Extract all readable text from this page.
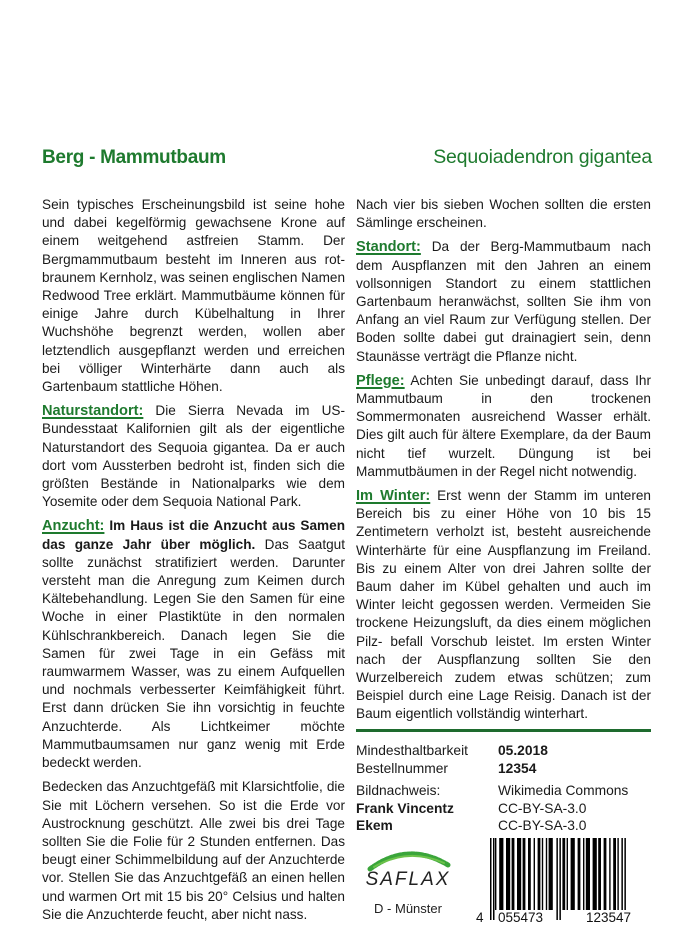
Berg - Mammutbaum	Sequoiadendron gigantea

Sein typisches Erscheinungsbild ist seine hohe und dabei kegelförmig gewachsene Krone auf einem weitgehend astfreien Stamm. Der Bergmammutbaum besteht im Inneren aus rot-braunem Kernholz, was seinen englischen Namen Redwood Tree erklärt. Mammutbäume können für einige Jahre durch Kübelhaltung in Ihrer Wuchshöhe begrenzt werden, wollen aber letztendlich ausgepflanzt werden und erreichen bei völliger Winterhärte dann auch als Gartenbaum stattliche Höhen.

Naturstandort: Die Sierra Nevada im US-Bundesstaat Kalifornien gilt als der eigentliche Naturstandort des Sequoia gigantea. Da er auch dort vom Aussterben bedroht ist, finden sich die größten Bestände in Nationalparks wie dem Yosemite oder dem Sequoia National Park.

Anzucht: Im Haus ist die Anzucht aus Samen das ganze Jahr über möglich. Das Saatgut sollte zunächst stratifiziert werden. Darunter versteht man die Anregung zum Keimen durch Kältebehandlung. Legen Sie den Samen für eine Woche in einer Plastiktüte in den normalen Kühlschrankbereich. Danach legen Sie die Samen für zwei Tage in ein Gefäss mit raumwarmem Wasser, was zu einem Aufquellen und nochmals verbesserter Keimfähigkeit führt. Erst dann drücken Sie ihn vorsichtig in feuchte Anzuchterde. Als Lichtkeimer möchte Mammutbaumsamen nur ganz wenig mit Erde bedeckt werden.

Bedecken das Anzuchtgefäß mit Klarsichtfolie, die Sie mit Löchern versehen. So ist die Erde vor Austrocknung geschützt. Alle zwei bis drei Tage sollten Sie die Folie für 2 Stunden entfernen. Das beugt einer Schimmelbildung auf der Anzuchterde vor. Stellen Sie das Anzuchtgefäß an einen hellen und warmen Ort mit 15 bis 20° Celsius und halten Sie die Anzuchterde feucht, aber nicht nass.

Nach vier bis sieben Wochen sollten die ersten Sämlinge erscheinen.

Standort: Da der Berg-Mammutbaum nach dem Auspflanzen mit den Jahren an einem vollsonnigen Standort zu einem stattlichen Gartenbaum heranwächst, sollten Sie ihm von Anfang an viel Raum zur Verfügung stellen. Der Boden sollte dabei gut drainagiert sein, denn Staunässe verträgt die Pflanze nicht.

Pflege: Achten Sie unbedingt darauf, dass Ihr Mammutbaum in den trockenen Sommermonaten ausreichend Wasser erhält. Dies gilt auch für ältere Exemplare, da der Baum nicht tief wurzelt. Düngung ist bei Mammutbäumen in der Regel nicht notwendig.

Im Winter: Erst wenn der Stamm im unteren Bereich bis zu einer Höhe von 10 bis 15 Zentimetern verholzt ist, besteht ausreichende Winterhärte für eine Auspflanzung im Freiland. Bis zu einem Alter von drei Jahren sollte der Baum daher im Kübel gehalten und auch im Winter leicht gegossen werden. Vermeiden Sie trockene Heizungsluft, da dies einem möglichen Pilz- befall Vorschub leistet. Im ersten Winter nach der Auspflanzung sollten Sie den Wurzelbereich zudem etwas schützen; zum Beispiel durch eine Lage Reisig. Danach ist der Baum eigentlich vollständig winterhart.

Mindesthaltbarkeit	05.2018
Bestellnummer	12354
Bildnachweis:	Wikimedia Commons
Frank Vincentz	CC-BY-SA-3.0
Ekem	CC-BY-SA-3.0
SAFLAX
D - Münster
4 055473	123547
